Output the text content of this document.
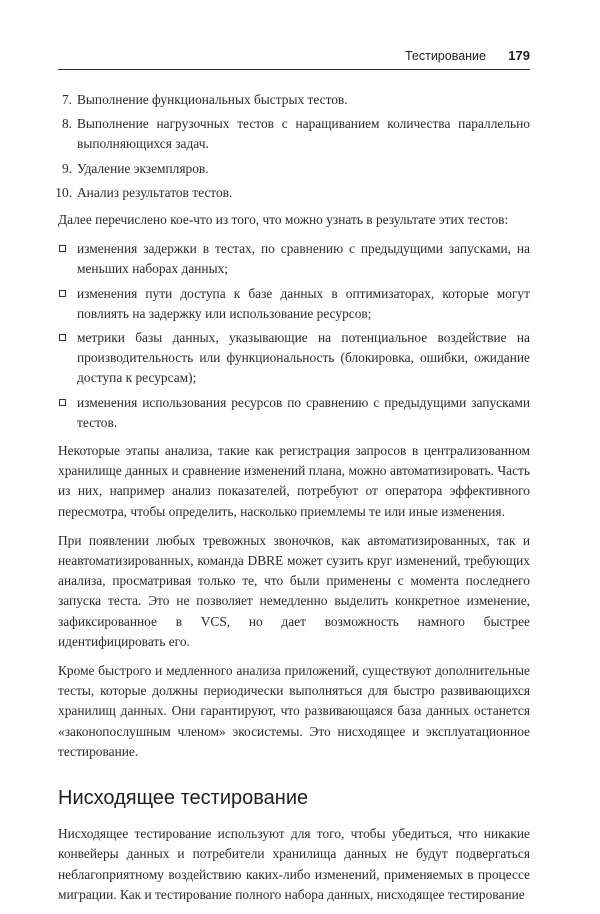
Тестирование 179
7. Выполнение функциональных быстрых тестов.
8. Выполнение нагрузочных тестов с наращиванием количества параллельно выполняющихся задач.
9. Удаление экземпляров.
10. Анализ результатов тестов.

Далее перечислено кое-что из того, что можно узнать в результате этих тестов:

изменения задержки в тестах, по сравнению с предыдущими запусками, на меньших наборах данных;
изменения пути доступа к базе данных в оптимизаторах, которые могут повлиять на задержку или использование ресурсов;
метрики базы данных, указывающие на потенциальное воздействие на производительность или функциональность (блокировка, ошибки, ожидание доступа к ресурсам);
изменения использования ресурсов по сравнению с предыдущими запусками тестов.

Некоторые этапы анализа, такие как регистрация запросов в централизованном хранилище данных и сравнение изменений плана, можно автоматизировать. Часть из них, например анализ показателей, потребуют от оператора эффективного пересмотра, чтобы определить, насколько приемлемы те или иные изменения.

При появлении любых тревожных звоночков, как автоматизированных, так и неавтоматизированных, команда DBRE может сузить круг изменений, требующих анализа, просматривая только те, что были применены с момента последнего запуска теста. Это не позволяет немедленно выделить конкретное изменение, зафиксированное в VCS, но дает возможность намного быстрее идентифицировать его.

Кроме быстрого и медленного анализа приложений, существуют дополнительные тесты, которые должны периодически выполняться для быстро развивающихся хранилищ данных. Они гарантируют, что развивающаяся база данных останется «законопослушным членом» экосистемы. Это нисходящее и эксплуатационное тестирование.

Нисходящее тестирование

Нисходящее тестирование используют для того, чтобы убедиться, что никакие конвейеры данных и потребители хранилища данных не будут подвергаться неблагоприятному воздействию каких-либо изменений, применяемых в процессе миграции. Как и тестирование полного набора данных, нисходящее тестирование
